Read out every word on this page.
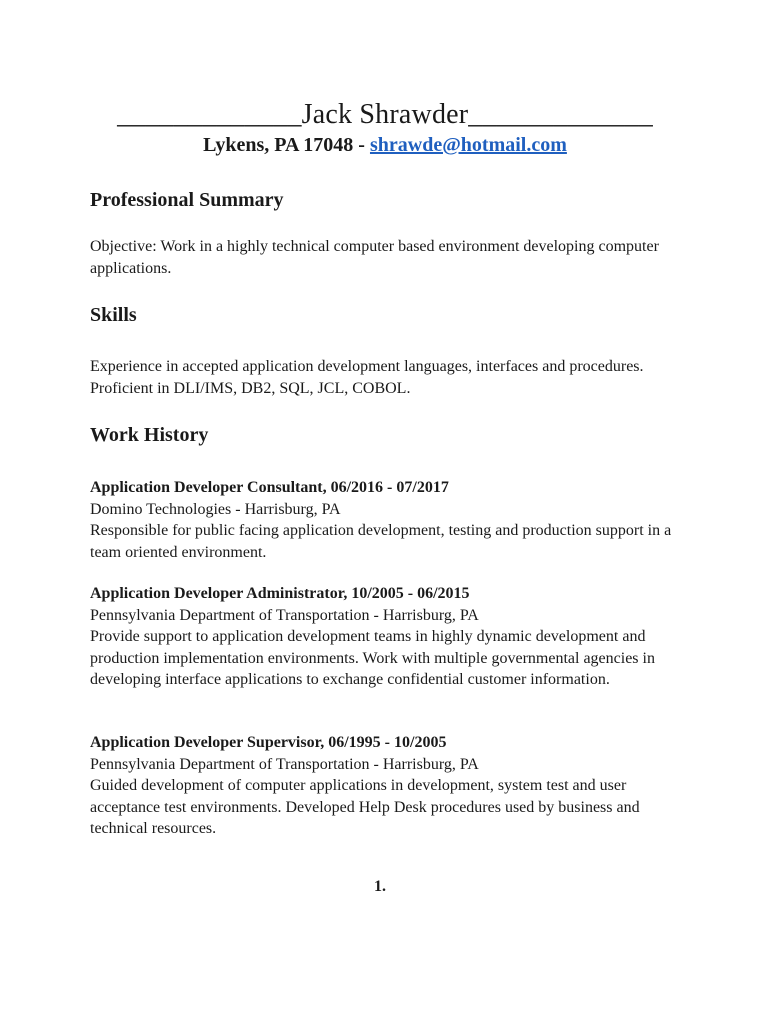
_____________Jack Shrawder_____________
Lykens, PA 17048 - shrawde@hotmail.com
Professional Summary

Objective: Work in a highly technical computer based environment developing computer applications.

Skills

Experience in accepted application development languages, interfaces and procedures. Proficient in DLI/IMS, DB2, SQL, JCL, COBOL.

Work History
Application Developer Consultant, 06/2016 - 07/2017
Domino Technologies - Harrisburg, PA

Responsible for public facing application development, testing and production support in a team oriented environment.

Application Developer Administrator, 10/2005 - 06/2015
Pennsylvania Department of Transportation - Harrisburg, PA

Provide support to application development teams in highly dynamic development and production implementation environments. Work with multiple governmental agencies in developing interface applications to exchange confidential customer information.

Application Developer Supervisor, 06/1995 - 10/2005
Pennsylvania Department of Transportation - Harrisburg, PA

Guided development of computer applications in development, system test and user acceptance test environments. Developed Help Desk procedures used by business and technical resources.

1.
